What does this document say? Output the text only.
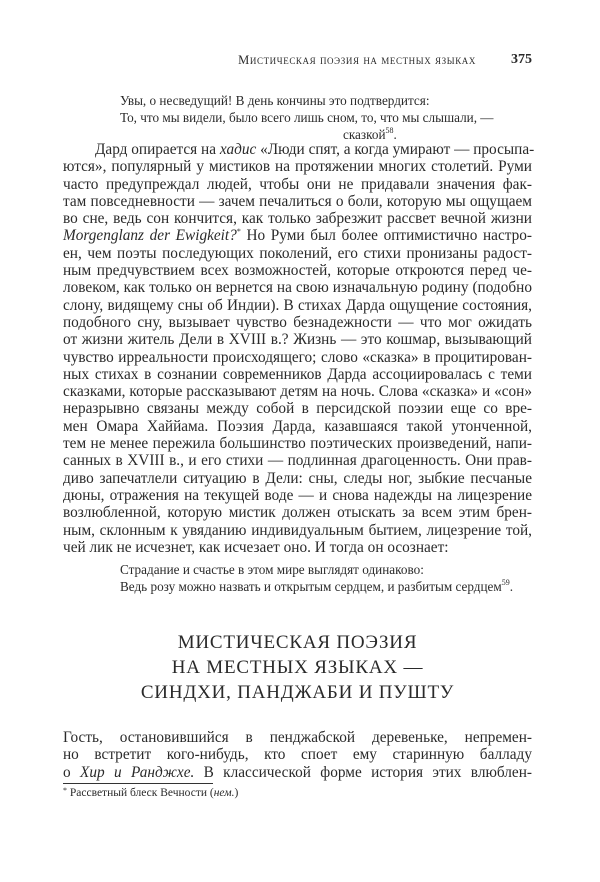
Мистическая поэзия на местных языках	375
Увы, о несведущий! В день кончины это подтвердится:
То, что мы видели, было всего лишь сном, то, что мы слышали, —
сказкой$^{58}$.
Дард опирается на хадис «Люди спят, а когда умирают — просыпа-
ются», популярный у мистиков на протяжении многих столетий. Руми
часто предупреждал людей, чтобы они не придавали значения фак-
там повседневности — зачем печалиться о боли, которую мы ощущаем
во сне, ведь сон кончится, как только забрезжит рассвет вечной жизни
Morgenglanz der Ewigkeit?* Но Руми был более оптимистично настро-
ен, чем поэты последующих поколений, его стихи пронизаны радост-
ным предчувствием всех возможностей, которые откроются перед че-
ловеком, как только он вернется на свою изначальную родину (подобно
слону, видящему сны об Индии). В стихах Дарда ощущение состояния,
подобного сну, вызывает чувство безнадежности — что мог ожидать
от жизни житель Дели в XVIII в.? Жизнь — это кошмар, вызывающий
чувство ирреальности происходящего; слово «сказка» в процитирован-
ных стихах в сознании современников Дарда ассоциировалась с теми
сказками, которые рассказывают детям на ночь. Слова «сказка» и «сон»
неразрывно связаны между собой в персидской поэзии еще со вре-
мен Омара Хаййама. Поэзия Дарда, казавшаяся такой утонченной,
тем не менее пережила большинство поэтических произведений, напи-
санных в XVIII в., и его стихи — подлинная драгоценность. Они прав-
диво запечатлели ситуацию в Дели: сны, следы ног, зыбкие песчаные
дюны, отражения на текущей воде — и снова надежды на лицезрение
возлюбленной, которую мистик должен отыскать за всем этим брен-
ным, склонным к увяданию индивидуальным бытием, лицезрение той,
чей лик не исчезнет, как исчезает оно. И тогда он осознает:
Страдание и счастье в этом мире выглядят одинаково:
Ведь розу можно назвать и открытым сердцем, и разбитым сердцем$^{59}$.
МИСТИЧЕСКАЯ ПОЭЗИЯ
НА МЕСТНЫХ ЯЗЫКАХ —
СИНДХИ, ПАНДЖАБИ И ПУШТУ
Гость, остановившийся в пенджабской деревеньке, непремен-
но встретит кого-нибудь, кто споет ему старинную балладу
о Хир и Ранджхе. В классической форме история этих влюблен-
* Рассветный блеск Вечности (нем.)
